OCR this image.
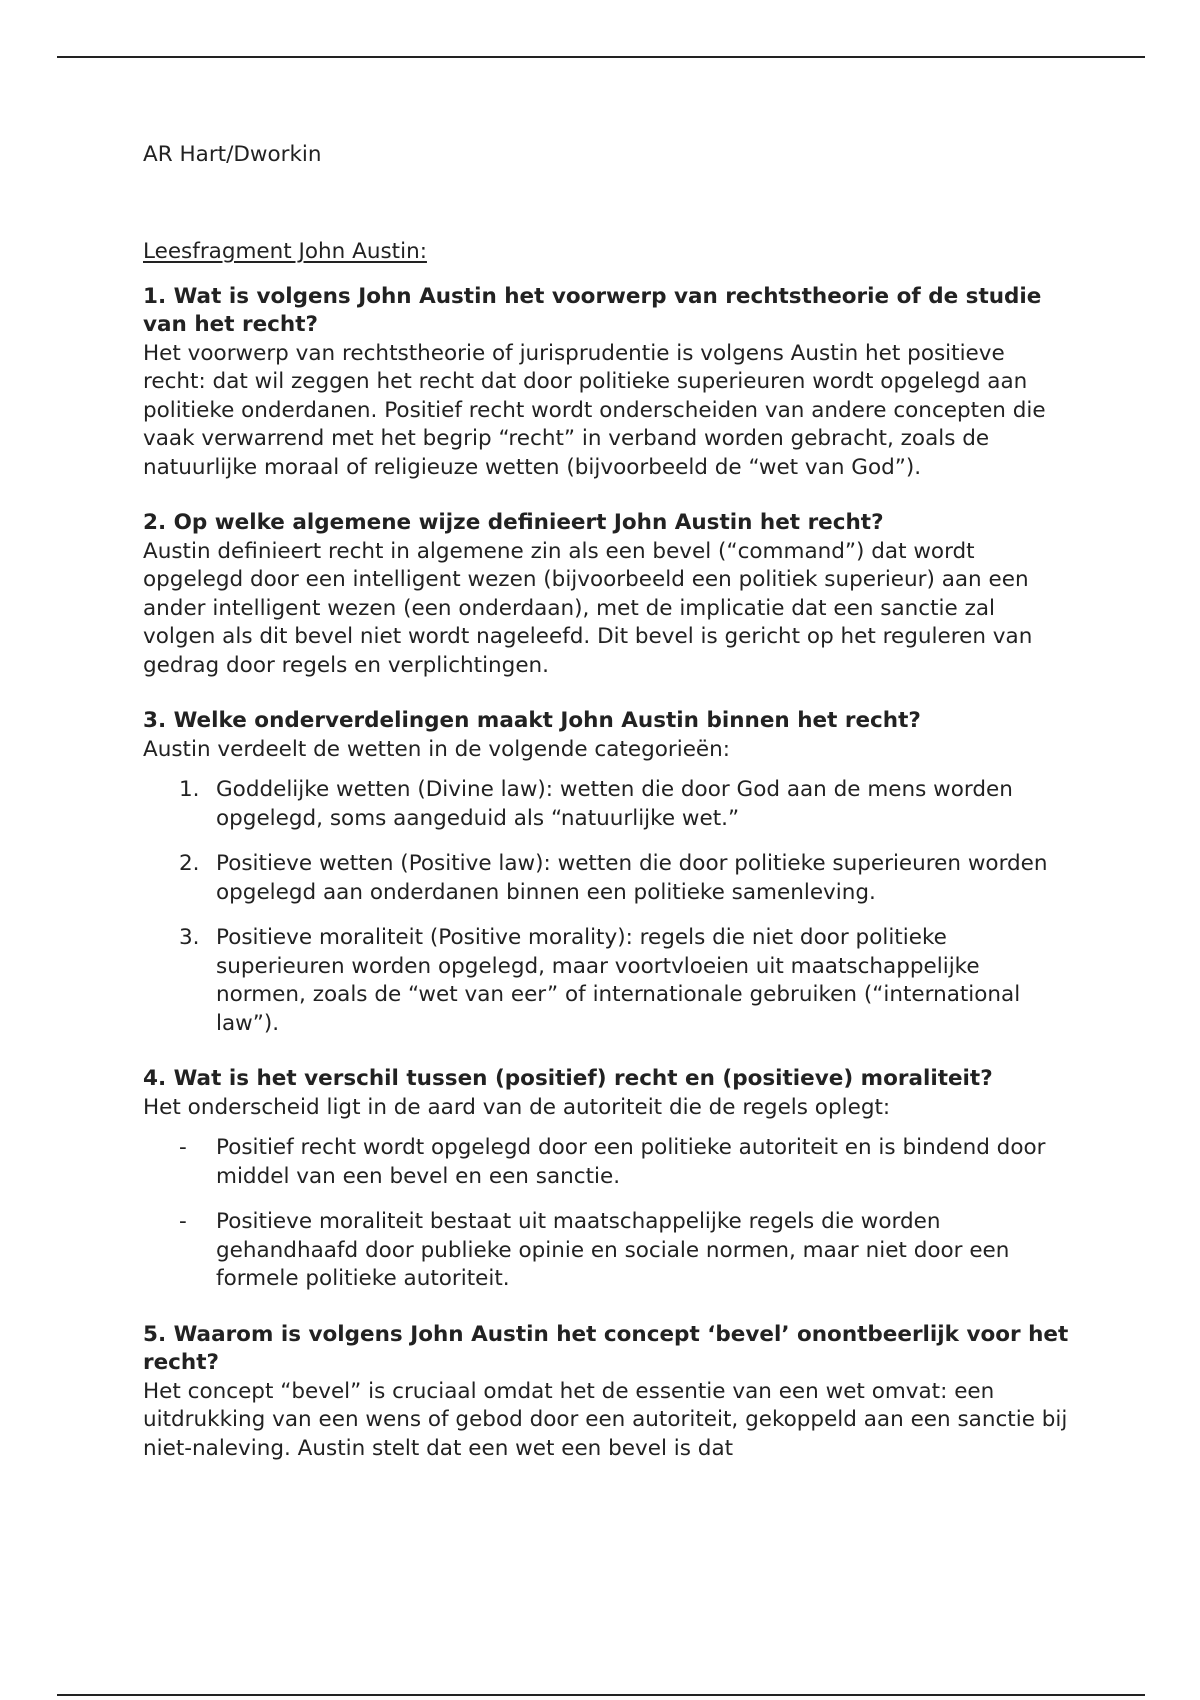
AR Hart/Dworkin

Leesfragment John Austin:

1. Wat is volgens John Austin het voorwerp van rechtstheorie of de studie van het recht?

Het voorwerp van rechtstheorie of jurisprudentie is volgens Austin het positieve recht: dat wil zeggen het recht dat door politieke superieuren wordt opgelegd aan politieke onderdanen. Positief recht wordt onderscheiden van andere concepten die vaak verwarrend met het begrip “recht” in verband worden gebracht, zoals de natuurlijke moraal of religieuze wetten (bijvoorbeeld de “wet van God”).

2. Op welke algemene wijze definieert John Austin het recht?

Austin definieert recht in algemene zin als een bevel (“command”) dat wordt opgelegd door een intelligent wezen (bijvoorbeeld een politiek superieur) aan een ander intelligent wezen (een onderdaan), met de implicatie dat een sanctie zal volgen als dit bevel niet wordt nageleefd. Dit bevel is gericht op het reguleren van gedrag door regels en verplichtingen.

3. Welke onderverdelingen maakt John Austin binnen het recht?

Austin verdeelt de wetten in de volgende categorieën:

1. Goddelijke wetten (Divine law): wetten die door God aan de mens worden opgelegd, soms aangeduid als “natuurlijke wet.”
2. Positieve wetten (Positive law): wetten die door politieke superieuren worden opgelegd aan onderdanen binnen een politieke samenleving.
3. Positieve moraliteit (Positive morality): regels die niet door politieke superieuren worden opgelegd, maar voortvloeien uit maatschappelijke normen, zoals de “wet van eer” of internationale gebruiken (“international law”).

4. Wat is het verschil tussen (positief) recht en (positieve) moraliteit?

Het onderscheid ligt in de aard van de autoriteit die de regels oplegt:

- Positief recht wordt opgelegd door een politieke autoriteit en is bindend door middel van een bevel en een sanctie.
- Positieve moraliteit bestaat uit maatschappelijke regels die worden gehandhaafd door publieke opinie en sociale normen, maar niet door een formele politieke autoriteit.

5. Waarom is volgens John Austin het concept ‘bevel’ onontbeerlijk voor het recht?

Het concept “bevel” is cruciaal omdat het de essentie van een wet omvat: een uitdrukking van een wens of gebod door een autoriteit, gekoppeld aan een sanctie bij niet-naleving. Austin stelt dat een wet een bevel is dat
